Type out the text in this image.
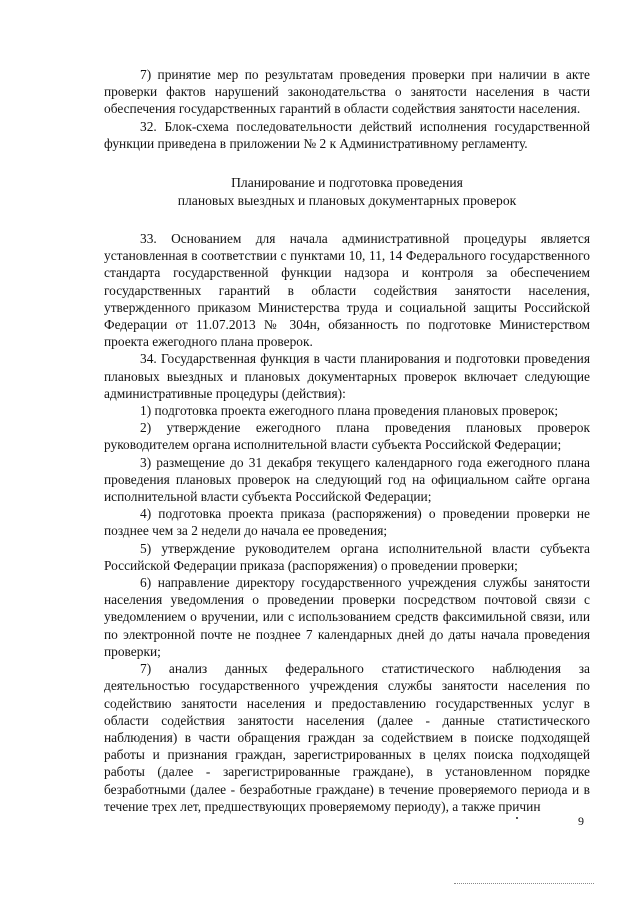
7) принятие мер по результатам проведения проверки при наличии в акте проверки фактов нарушений законодательства о занятости населения в части обеспечения государственных гарантий в области содействия занятости населения.

32. Блок-схема последовательности действий исполнения государственной функции приведена в приложении № 2 к Административному регламенту.

Планирование и подготовка проведения
плановых выездных и плановых документарных проверок

33. Основанием для начала административной процедуры является установленная в соответствии с пунктами 10, 11, 14 Федерального государственного стандарта государственной функции надзора и контроля за обеспечением государственных гарантий в области содействия занятости населения, утвержденного приказом Министерства труда и социальной защиты Российской Федерации от 11.07.2013 № 304н, обязанность по подготовке Министерством проекта ежегодного плана проверок.

34. Государственная функция в части планирования и подготовки проведения плановых выездных и плановых документарных проверок включает следующие административные процедуры (действия):

1) подготовка проекта ежегодного плана проведения плановых проверок;

2) утверждение ежегодного плана проведения плановых проверок руководителем органа исполнительной власти субъекта Российской Федерации;

3) размещение до 31 декабря текущего календарного года ежегодного плана проведения плановых проверок на следующий год на официальном сайте органа исполнительной власти субъекта Российской Федерации;

4) подготовка проекта приказа (распоряжения) о проведении проверки не позднее чем за 2 недели до начала ее проведения;

5) утверждение руководителем органа исполнительной власти субъекта Российской Федерации приказа (распоряжения) о проведении проверки;

6) направление директору государственного учреждения службы занятости населения уведомления о проведении проверки посредством почтовой связи с уведомлением о вручении, или с использованием средств факсимильной связи, или по электронной почте не позднее 7 календарных дней до даты начала проведения проверки;

7) анализ данных федерального статистического наблюдения за деятельностью государственного учреждения службы занятости населения по содействию занятости населения и предоставлению государственных услуг в области содействия занятости населения (далее - данные статистического наблюдения) в части обращения граждан за содействием в поиске подходящей работы и признания граждан, зарегистрированных в целях поиска подходящей работы (далее - зарегистрированные граждане), в установленном порядке безработными (далее - безработные граждане) в течение проверяемого периода и в течение трех лет, предшествующих проверяемому периоду), а также причин

9
